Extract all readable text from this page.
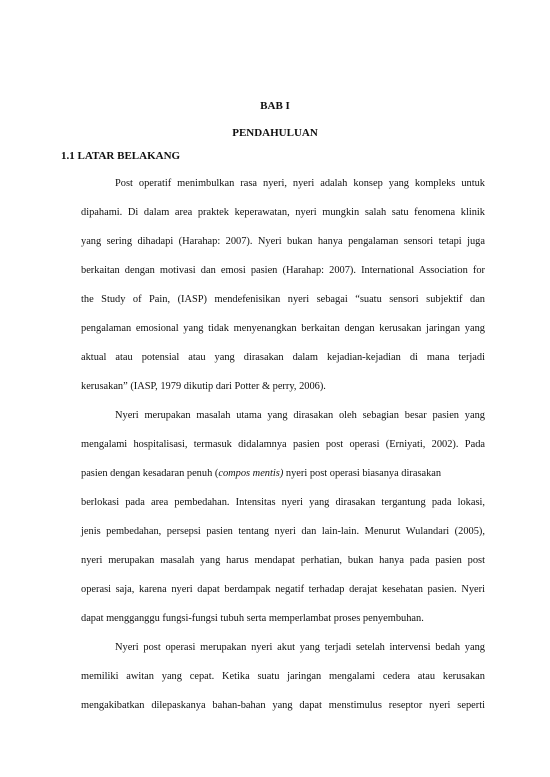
BAB I
PENDAHULUAN
1.1 LATAR BELAKANG
Post operatif menimbulkan rasa nyeri, nyeri adalah konsep yang kompleks untuk
dipahami. Di dalam area praktek keperawatan, nyeri mungkin salah satu fenomena klinik
yang sering dihadapi (Harahap: 2007). Nyeri bukan hanya pengalaman sensori tetapi juga
berkaitan dengan motivasi dan emosi pasien (Harahap: 2007). International Association for
the Study of Pain, (IASP) mendefenisikan nyeri sebagai “suatu sensori subjektif dan
pengalaman emosional yang tidak menyenangkan berkaitan dengan kerusakan jaringan yang
aktual atau potensial atau yang dirasakan dalam kejadian-kejadian di mana terjadi
kerusakan” (IASP, 1979 dikutip dari Potter & perry, 2006).
Nyeri merupakan masalah utama yang dirasakan oleh sebagian besar pasien yang
mengalami hospitalisasi, termasuk didalamnya pasien post operasi (Erniyati, 2002). Pada
pasien dengan kesadaran penuh (compos mentis) nyeri post operasi biasanya dirasakan
berlokasi pada area pembedahan. Intensitas nyeri yang dirasakan tergantung pada lokasi,
jenis pembedahan, persepsi pasien tentang nyeri dan lain-lain. Menurut Wulandari (2005),
nyeri merupakan masalah yang harus mendapat perhatian, bukan hanya pada pasien post
operasi saja, karena nyeri dapat berdampak negatif terhadap derajat kesehatan pasien. Nyeri
dapat mengganggu fungsi-fungsi tubuh serta memperlambat proses penyembuhan.
Nyeri post operasi merupakan nyeri akut yang terjadi setelah intervensi bedah yang
memiliki awitan yang cepat. Ketika suatu jaringan mengalami cedera atau kerusakan
mengakibatkan dilepaskanya bahan-bahan yang dapat menstimulus reseptor nyeri seperti
